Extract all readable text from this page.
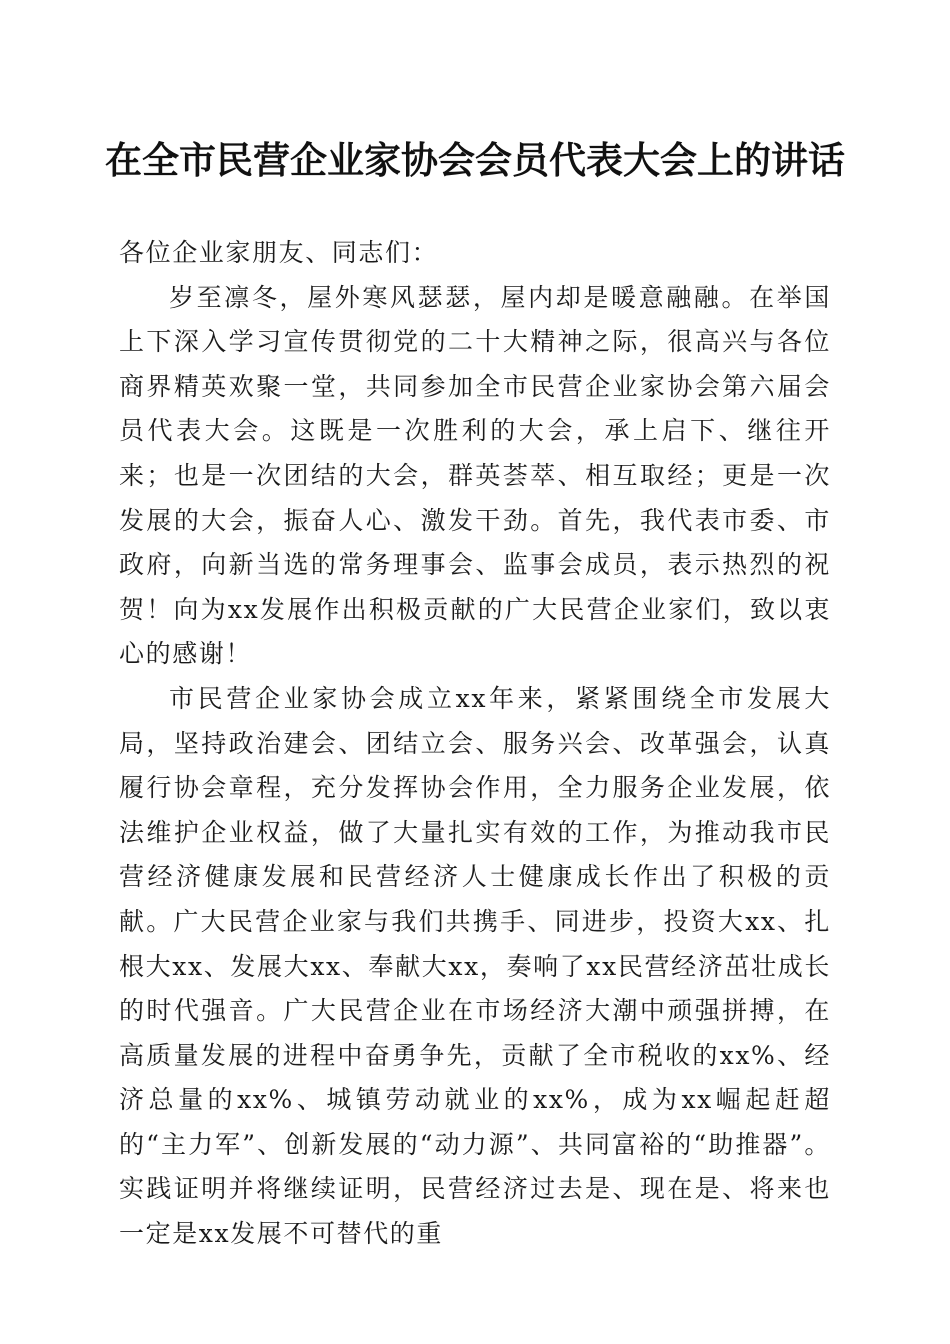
在全市民营企业家协会会员代表大会上的讲话

各位企业家朋友、同志们：

岁至凛冬，屋外寒风瑟瑟，屋内却是暖意融融。在举国上下深入学习宣传贯彻党的二十大精神之际，很高兴与各位商界精英欢聚一堂，共同参加全市民营企业家协会第六届会员代表大会。这既是一次胜利的大会，承上启下、继往开来；也是一次团结的大会，群英荟萃、相互取经；更是一次发展的大会，振奋人心、激发干劲。首先，我代表市委、市政府，向新当选的常务理事会、监事会成员，表示热烈的祝贺！向为xx发展作出积极贡献的广大民营企业家们，致以衷心的感谢！

市民营企业家协会成立xx年来，紧紧围绕全市发展大局，坚持政治建会、团结立会、服务兴会、改革强会，认真履行协会章程，充分发挥协会作用，全力服务企业发展，依法维护企业权益，做了大量扎实有效的工作，为推动我市民营经济健康发展和民营经济人士健康成长作出了积极的贡献。广大民营企业家与我们共携手、同进步，投资大xx、扎根大xx、发展大xx、奉献大xx，奏响了xx民营经济茁壮成长的时代强音。广大民营企业在市场经济大潮中顽强拼搏，在高质量发展的进程中奋勇争先，贡献了全市税收的xx%、经济总量的xx%、城镇劳动就业的xx%，成为xx崛起赶超的“主力军”、创新发展的“动力源”、共同富裕的“助推器”。实践证明并将继续证明，民营经济过去是、现在是、将来也一定是xx发展不可替代的重
